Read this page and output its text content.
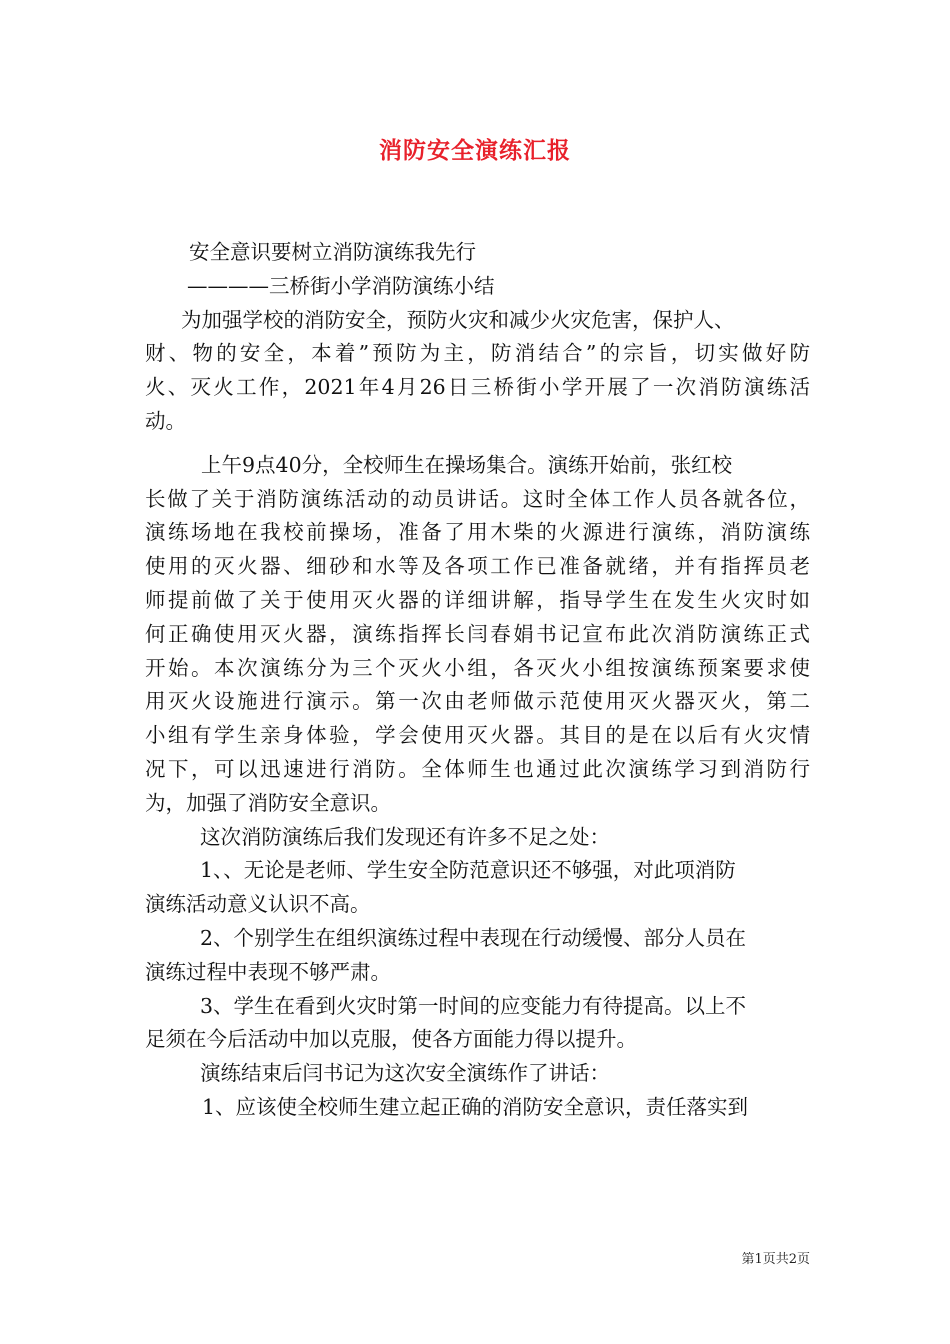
消防安全演练汇报
安全意识要树立消防演练我先行
————三桥街小学消防演练小结
为加强学校的消防安全，预防火灾和减少火灾危害，保护人、
财、物的安全，本着”预防为主，防消结合”的宗旨，切实做好防
火、灭火工作，2021年4月26日三桥街小学开展了一次消防演练活
动。
上午9点40分，全校师生在操场集合。演练开始前，张红校
长做了关于消防演练活动的动员讲话。这时全体工作人员各就各位，
演练场地在我校前操场，准备了用木柴的火源进行演练，消防演练
使用的灭火器、细砂和水等及各项工作已准备就绪，并有指挥员老
师提前做了关于使用灭火器的详细讲解，指导学生在发生火灾时如
何正确使用灭火器，演练指挥长闫春娟书记宣布此次消防演练正式
开始。本次演练分为三个灭火小组，各灭火小组按演练预案要求使
用灭火设施进行演示。第一次由老师做示范使用灭火器灭火，第二
小组有学生亲身体验，学会使用灭火器。其目的是在以后有火灾情
况下，可以迅速进行消防。全体师生也通过此次演练学习到消防行
为，加强了消防安全意识。
这次消防演练后我们发现还有许多不足之处：
1、、无论是老师、学生安全防范意识还不够强，对此项消防
演练活动意义认识不高。
2、个别学生在组织演练过程中表现在行动缓慢、部分人员在
演练过程中表现不够严肃。
3、学生在看到火灾时第一时间的应变能力有待提高。以上不
足须在今后活动中加以克服，使各方面能力得以提升。
演练结束后闫书记为这次安全演练作了讲话：
1、应该使全校师生建立起正确的消防安全意识，责任落实到
第1页共2页
